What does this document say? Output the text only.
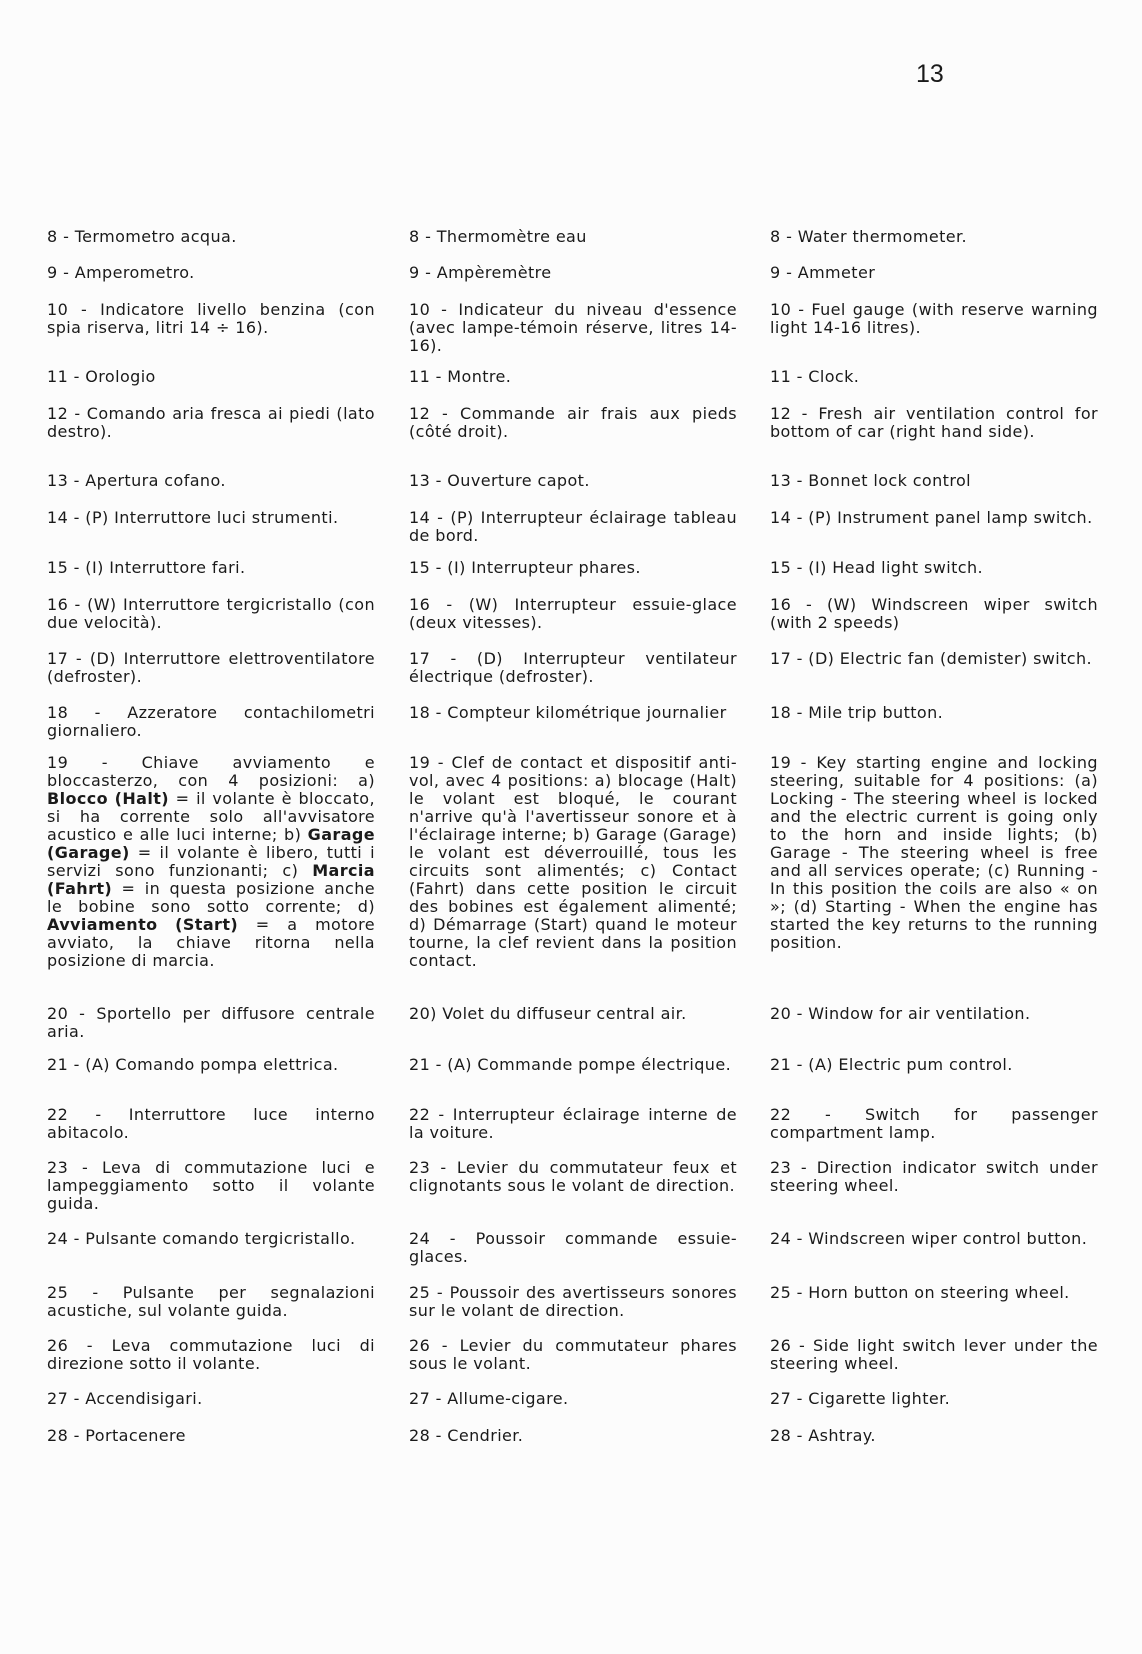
13
8 - Termometro acqua.
9 - Amperometro.
10 - Indicatore livello benzina (con spia riserva, litri 14 ÷ 16).
11 - Orologio
12 - Comando aria fresca ai piedi (lato destro).
13 - Apertura cofano.
14 - (P) Interruttore luci strumenti.
15 - (I) Interruttore fari.
16 - (W) Interruttore tergicristallo (con due velocità).
17 - (D) Interruttore elettroventilatore (defroster).
18 - Azzeratore contachilometri giornaliero.
19 - Chiave avviamento e bloccasterzo, con 4 posizioni: a) Blocco (Halt) = il volante è bloccato, si ha corrente solo all'avvisatore acustico e alle luci interne; b) Garage (Garage) = il volante è libero, tutti i servizi sono funzionanti; c) Marcia (Fahrt) = in questa posizione anche le bobine sono sotto corrente; d) Avviamento (Start) = a motore avviato, la chiave ritorna nella posizione di marcia.
20 - Sportello per diffusore centrale aria.
21 - (A) Comando pompa elettrica.
22 - Interruttore luce interno abitacolo.
23 - Leva di commutazione luci e lampeggiamento sotto il volante guida.
24 - Pulsante comando tergicristallo.
25 - Pulsante per segnalazioni acustiche, sul volante guida.
26 - Leva commutazione luci di direzione sotto il volante.
27 - Accendisigari.
28 - Portacenere
8 - Thermomètre eau
9 - Ampèremètre
10 - Indicateur du niveau d'essence (avec lampe-témoin réserve, litres 14-16).
11 - Montre.
12 - Commande air frais aux pieds (côté droit).
13 - Ouverture capot.
14 - (P) Interrupteur éclairage tableau de bord.
15 - (I) Interrupteur phares.
16 - (W) Interrupteur essuie-glace (deux vitesses).
17 - (D) Interrupteur ventilateur électrique (defroster).
18 - Compteur kilométrique journalier
19 - Clef de contact et dispositif anti-vol, avec 4 positions: a) blocage (Halt) le volant est bloqué, le courant n'arrive qu'à l'avertisseur sonore et à l'éclairage interne; b) Garage (Garage) le volant est déverrouillé, tous les circuits sont alimentés; c) Contact (Fahrt) dans cette position le circuit des bobines est également alimenté; d) Démarrage (Start) quand le moteur tourne, la clef revient dans la position contact.
20) Volet du diffuseur central air.
21 - (A) Commande pompe électrique.
22 - Interrupteur éclairage interne de la voiture.
23 - Levier du commutateur feux et clignotants sous le volant de direction.
24 - Poussoir commande essuie-glaces.
25 - Poussoir des avertisseurs sonores sur le volant de direction.
26 - Levier du commutateur phares sous le volant.
27 - Allume-cigare.
28 - Cendrier.
8 - Water thermometer.
9 - Ammeter
10 - Fuel gauge (with reserve warning light 14-16 litres).
11 - Clock.
12 - Fresh air ventilation control for bottom of car (right hand side).
13 - Bonnet lock control
14 - (P) Instrument panel lamp switch.
15 - (I) Head light switch.
16 - (W) Windscreen wiper switch (with 2 speeds)
17 - (D) Electric fan (demister) switch.
18 - Mile trip button.
19 - Key starting engine and locking steering, suitable for 4 positions: (a) Locking - The steering wheel is locked and the electric current is going only to the horn and inside lights; (b) Garage - The steering wheel is free and all services operate; (c) Running - In this position the coils are also « on »; (d) Starting - When the engine has started the key returns to the running position.
20 - Window for air ventilation.
21 - (A) Electric pum control.
22 - Switch for passenger compartment lamp.
23 - Direction indicator switch under steering wheel.
24 - Windscreen wiper control button.
25 - Horn button on steering wheel.
26 - Side light switch lever under the steering wheel.
27 - Cigarette lighter.
28 - Ashtray.
